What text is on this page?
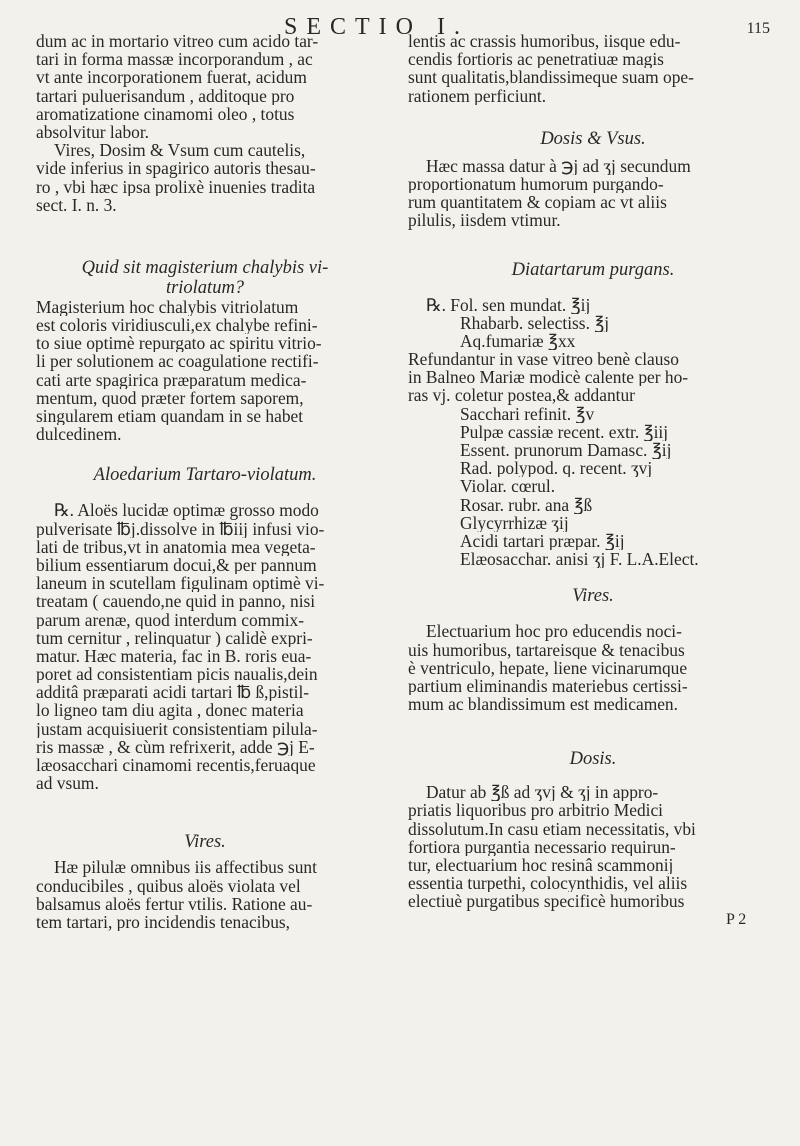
SECTIO I.	115
dum ac in mortario vitreo cum acido tar-
tari in forma massæ incorporandum , ac
vt ante incorporationem fuerat, acidum
tartari puluerisandum , additoque pro
aromatizatione cinamomi oleo , totus
absolvitur labor.
Vires, Dosim & Vsum cum cautelis,
vide inferius in spagirico autoris thesau-
ro , vbi hæc ipsa prolixè inuenies tradita
sect. I. n. 3.
Quid sit magisterium chalybis vi-
triolatum?
Magisterium hoc chalybis vitriolatum
est coloris viridiusculi,ex chalybe refini-
to siue optimè repurgato ac spiritu vitrio-
li per solutionem ac coagulatione rectifi-
cati arte spagirica præparatum medica-
mentum, quod præter fortem saporem,
singularem etiam quandam in se habet
dulcedinem.
Aloedarium Tartaro-violatum.
℞. Aloës lucidæ optimæ grosso modo
pulverisate ℔j.dissolve in ℔iij infusi vio-
lati de tribus,vt in anatomia mea vegeta-
bilium essentiarum docui,& per pannum
laneum in scutellam figulinam optimè vi-
treatam ( cauendo,ne quid in panno, nisi
parum arenæ, quod interdum commix-
tum cernitur , relinquatur ) calidè expri-
matur. Hæc materia, fac in B. roris eua-
poret ad consistentiam picis naualis,dein
additâ præparati acidi tartari ℔ ß,pistil-
lo ligneo tam diu agita , donec materia
justam acquisiuerit consistentiam pilula-
ris massæ , & cùm refrixerit, adde ℈j E-
læosacchari cinamomi recentis,feruaque
ad vsum.
Vires.
Hæ pilulæ omnibus iis affectibus sunt
conducibiles , quibus aloës violata vel
balsamus aloës fertur vtilis. Ratione au-
tem tartari, pro incidendis tenacibus,
lentis ac crassis humoribus, iisque edu-
cendis fortioris ac penetratiuæ magis
sunt qualitatis,blandissimeque suam ope-
rationem perficiunt.
Dosis & Vsus.
Hæc massa datur à ℈j ad ʒj secundum
proportionatum humorum purgando-
rum quantitatem & copiam ac vt aliis
pilulis, iisdem vtimur.
Diatartarum purgans.
℞. Fol. sen mundat. ℥ij
Rhabarb. selectiss. ℥j
Aq.fumariæ ℥xx
Refundantur in vase vitreo benè clauso
in Balneo Mariæ modicè calente per ho-
ras vj. coletur postea,& addantur
Sacchari refinit. ℥v
Pulpæ cassiæ recent. extr. ℥iij
Essent. prunorum Damasc. ℥ij
Rad. polypod. q. recent. ʒvj
Violar. cœrul.
Rosar. rubr. ana ℥ß
Glycyrrhizæ ʒij
Acidi tartari præpar. ℥ij
Elæosacchar. anisi ʒj F. L.A.Elect.
Vires.
Electuarium hoc pro educendis noci-
uis humoribus, tartareisque & tenacibus
è ventriculo, hepate, liene vicinarumque
partium eliminandis materiebus certissi-
mum ac blandissimum est medicamen.
Dosis.
Datur ab ℥ß ad ʒvj & ʒj in appro-
priatis liquoribus pro arbitrio Medici
dissolutum.In casu etiam necessitatis, vbi
fortiora purgantia necessario requirun-
tur, electuarium hoc resinâ scammonij
essentia turpethi, colocynthidis, vel aliis
electiuè purgatibus specificè humoribus
P 2
